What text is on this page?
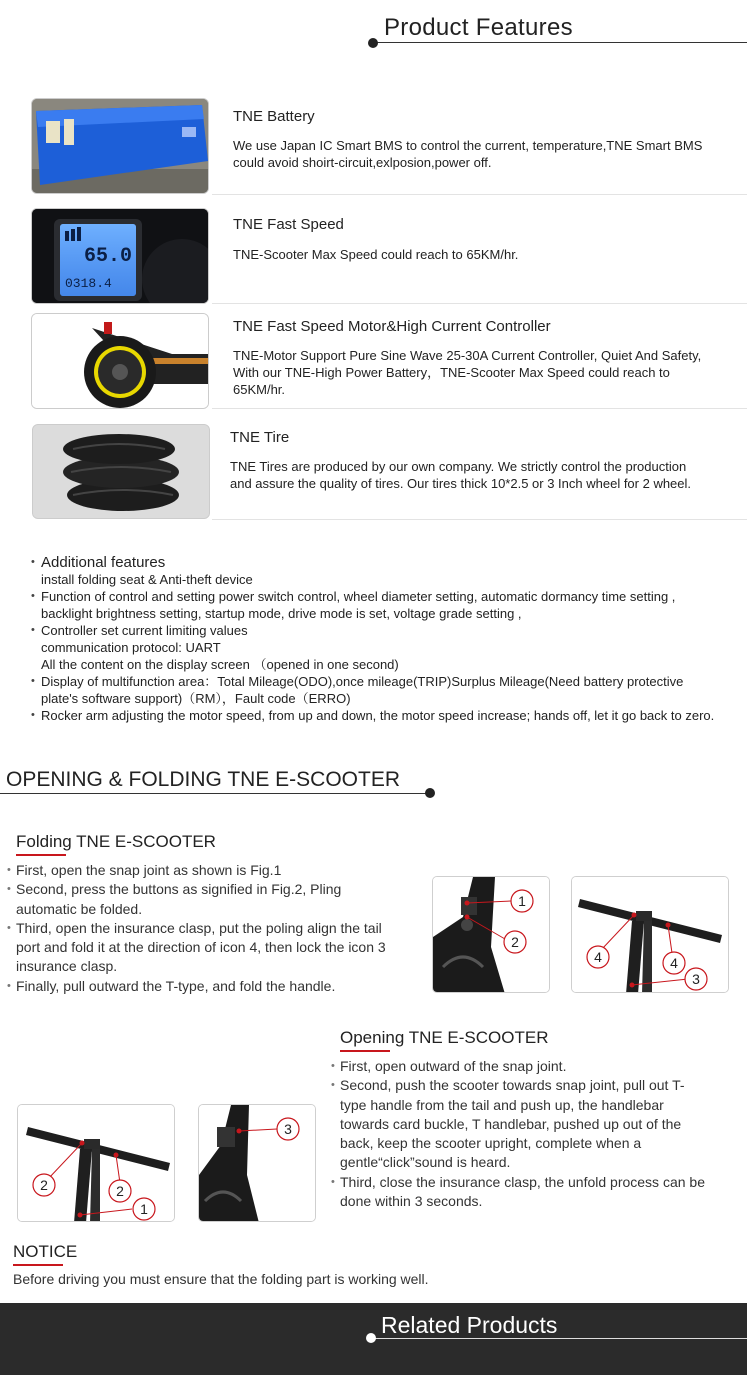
Product Features
TNE Battery
We use Japan IC Smart BMS to control the current, temperature,TNE Smart BMS could avoid shoirt-circuit,exlposion,power off.
65.0
0318.4
TNE Fast Speed
TNE-Scooter Max Speed could reach to 65KM/hr.
TNE Fast Speed Motor&High Current Controller
TNE-Motor Support Pure Sine Wave 25-30A Current Controller, Quiet And Safety, With our TNE-High Power Battery，TNE-Scooter Max Speed could reach to 65KM/hr.
TNE Tire
TNE Tires are produced by our own company. We strictly control the production and assure the quality of tires. Our tires thick 10*2.5 or 3 Inch wheel for 2 wheel.
• Additional features
install folding seat & Anti-theft device
• Function of control and setting power switch control, wheel diameter setting, automatic dormancy time setting , backlight brightness setting, startup mode, drive mode is set, voltage grade setting ,
• Controller set current limiting values
communication protocol: UART
All the content on the display screen （opened in one second)
• Display of multifunction area：Total Mileage(ODO),once mileage(TRIP)Surplus Mileage(Need battery protective plate's software support)（RM），Fault code（ERRO)
• Rocker arm adjusting the motor speed, from up and down, the motor speed increase; hands off, let it go back to zero.
OPENING & FOLDING TNE E-SCOOTER
Folding TNE E-SCOOTER
• First, open the snap joint as shown is Fig.1
• Second, press the buttons as signified in Fig.2, Pling automatic be folded.
• Third, open the insurance clasp, put the poling align the tail port and fold it at the direction of icon 4, then lock the icon 3 insurance clasp.
• Finally, pull outward the T-type, and fold the handle.
1
2
4	4
3
Opening TNE E-SCOOTER
• First, open outward of the snap joint.
• Second, push the scooter towards snap joint, pull out T-type handle from the tail and push up, the handlebar towards card buckle, T handlebar, pushed up out of the back, keep the scooter upright, complete when a gentle“click”sound is heard.
• Third, close the insurance clasp, the unfold process can be done within 3 seconds.
2	2
1
3
NOTICE
Before driving you must ensure that the folding part is working well.
Related Products
